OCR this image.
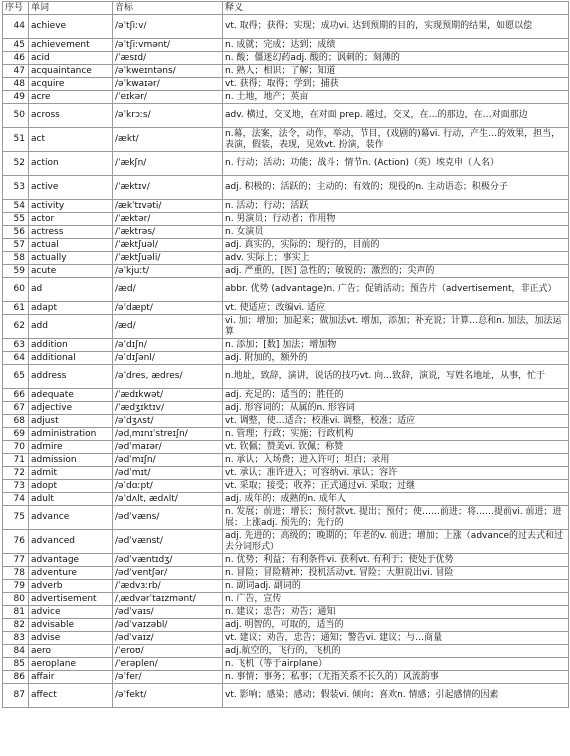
序号	单词	音标	释义
44	achieve	/əˈtʃiːv/	vt. 取得；获得；实现；成功vi. 达到预期的目的，实现预期的结果，如愿以偿
45	achievement	/əˈtʃiːvmənt/	n. 成就；完成；达到；成绩
46	acid	/ˈæsɪd/	n. 酸；僵迷幻药adj. 酸的；讽刺的；刻薄的
47	acquaintance	/əˈkweɪntəns/	n. 熟人；相识；了解；知道
48	acquire	/əˈkwaɪər/	vt. 获得；取得；学到；捕获
49	acre	/ˈeɪkər/	n. 土地，地产；英亩
50	across	/əˈkrɔːs/	adv. 横过，交叉地，在对面 prep. 越过，交叉，在…的那边，在…对面那边
51	act	/ækt/	n.幕，法案，法令，动作，举动，节目，(戏剧的)幕vi. 行动，产生…的效果，担当，表演，假装，表现，见效vt. 扮演，装作
52	action	/ˈækʃn/	n. 行动；活动；功能；战斗；情节n. (Action)（英）埃克申（人名）
53	active	/ˈæktɪv/	adj. 积极的；活跃的；主动的；有效的；现役的n. 主动语态；积极分子
54	activity	/ækˈtɪvəti/	n. 活动；行动；活跃
55	actor	/ˈæktər/	n. 男演员；行动者；作用物
56	actress	/ˈæktrəs/	n. 女演员
57	actual	/ˈæktʃuəl/	adj. 真实的，实际的；现行的，目前的
58	actually	/ˈæktʃuəli/	adv. 实际上；事实上
59	acute	/əˈkjuːt/	adj. 严重的，[医] 急性的；敏锐的；激烈的；尖声的
60	ad	/æd/	abbr. 优势 (advantage)n. 广告；促销活动；预告片（advertisement，非正式）
61	adapt	/əˈdæpt/	vt. 使适应；改编vi. 适应
62	add	/æd/	vi. 加；增加；加起来；做加法vt. 增加，添加；补充说；计算…总和n. 加法，加法运算
63	addition	/əˈdɪʃn/	n. 添加；[数] 加法；增加物
64	additional	/əˈdɪʃənl/	adj. 附加的，额外的
65	address	/əˈdres, ædres/	n.地址，致辞，演讲，说话的技巧vt. 向…致辞，演说，写姓名地址，从事，忙于
66	adequate	/ˈædɪkwət/	adj. 充足的；适当的；胜任的
67	adjective	/ˈædʒɪktɪv/	adj. 形容词的；从属的n. 形容词
68	adjust	/əˈdʒʌst/	vt. 调整，使…适合；校准vi. 调整，校准；适应
69	administration	/ədˌmɪnɪˈstreɪʃn/	n. 管理；行政；实施；行政机构
70	admire	/ədˈmaɪər/	vt. 钦佩；赞美vi. 钦佩；称赞
71	admission	/ədˈmɪʃn/	n. 承认；入场费；进入许可；坦白；录用
72	admit	/ədˈmɪt/	vt. 承认；准许进入；可容纳vi. 承认；容许
73	adopt	/əˈdɑːpt/	vt. 采取；接受；收养；正式通过vi. 采取；过继
74	adult	/əˈdʌlt, ædʌlt/	adj. 成年的；成熟的n. 成年人
75	advance	/ədˈvæns/	n. 发展；前进；增长；预付款vt. 提出；预付；使……前进；将……提前vi. 前进；进展；上涨adj. 预先的；先行的
76	advanced	/ədˈvænst/	adj. 先进的；高级的；晚期的；年老的v. 前进；增加；上涨（advance的过去式和过去分词形式）
77	advantage	/ədˈvæntɪdʒ/	n. 优势；利益；有利条件vi. 获利vt. 有利于；使处于优势
78	adventure	/ədˈventʃər/	n. 冒险；冒险精神；投机活动vt. 冒险；大胆说出vi. 冒险
79	adverb	/ˈædvɜːrb/	n. 副词adj. 副词的
80	advertisement	/ˌædvərˈtaɪzmənt/	n. 广告，宣传
81	advice	/ədˈvaɪs/	n. 建议；忠告；劝告；通知
82	advisable	/ədˈvaɪzəbl/	adj. 明智的，可取的，适当的
83	advise	/ədˈvaɪz/	vt. 建议；劝告，忠告；通知；警告vi. 建议；与…商量
84	aero	/ˈeroʊ/	adj.航空的，飞行的，飞机的
85	aeroplane	/ˈerəplen/	n. 飞机（等于airplane）
86	affair	/əˈfer/	n. 事情；事务；私事；（尤指关系不长久的）风流韵事
87	affect	/əˈfekt/	vt. 影响；感染；感动；假装vi. 倾向；喜欢n. 情感；引起感情的因素
